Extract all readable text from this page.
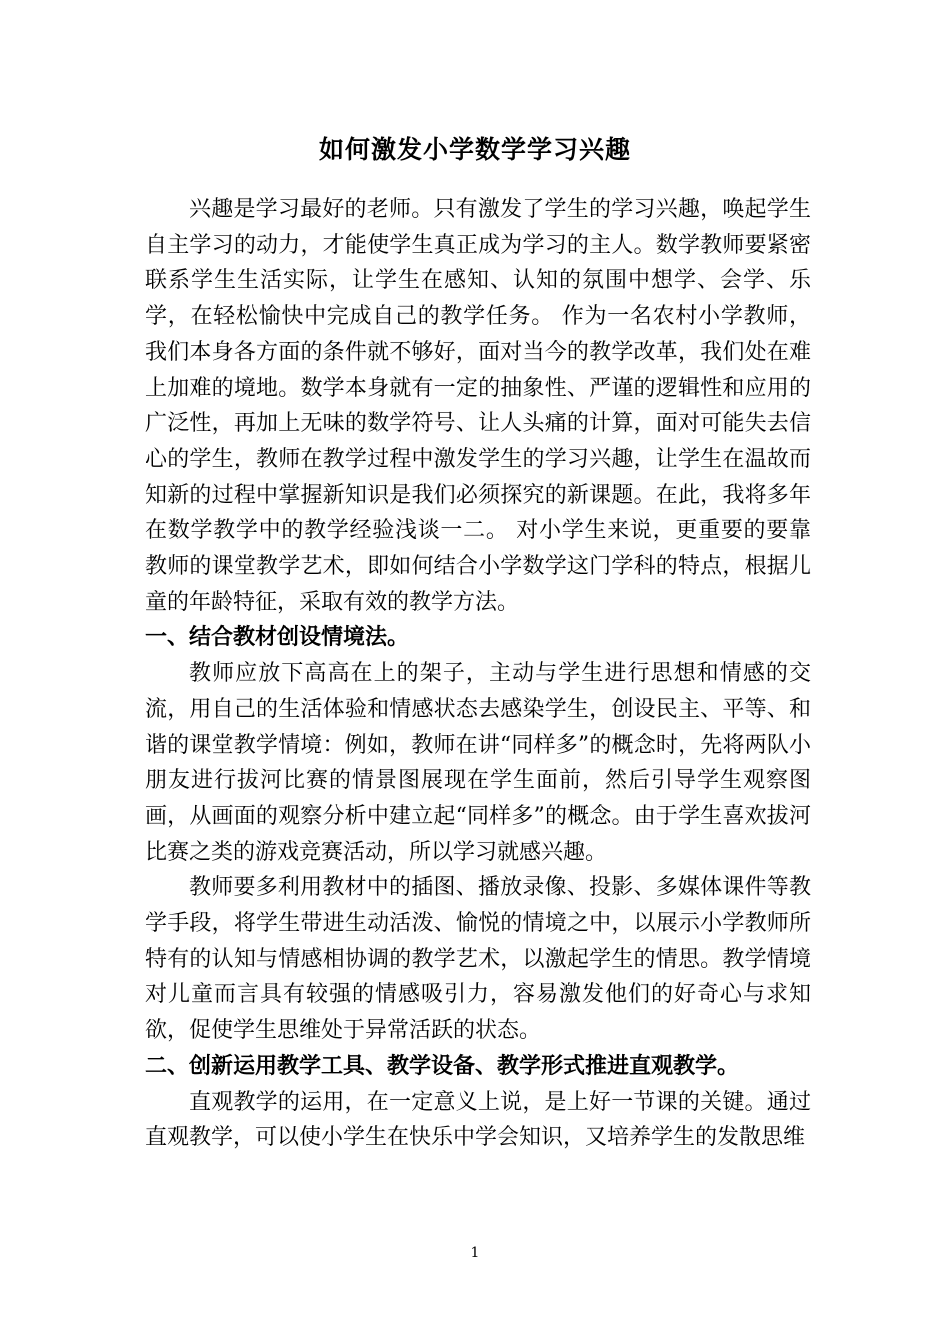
如何激发小学数学学习兴趣

兴趣是学习最好的老师。只有激发了学生的学习兴趣，唤起学生自主学习的动力，才能使学生真正成为学习的主人。数学教师要紧密联系学生生活实际，让学生在感知、认知的氛围中想学、会学、乐学，在轻松愉快中完成自己的教学任务。 作为一名农村小学教师，我们本身各方面的条件就不够好，面对当今的教学改革，我们处在难上加难的境地。数学本身就有一定的抽象性、严谨的逻辑性和应用的广泛性，再加上无味的数学符号、让人头痛的计算，面对可能失去信心的学生，教师在教学过程中激发学生的学习兴趣，让学生在温故而知新的过程中掌握新知识是我们必须探究的新课题。在此，我将多年在数学教学中的教学经验浅谈一二。 对小学生来说，更重要的要靠教师的课堂教学艺术，即如何结合小学数学这门学科的特点，根据儿童的年龄特征，采取有效的教学方法。

一、结合教材创设情境法。

教师应放下高高在上的架子，主动与学生进行思想和情感的交流，用自己的生活体验和情感状态去感染学生，创设民主、平等、和谐的课堂教学情境：例如，教师在讲“同样多”的概念时，先将两队小朋友进行拔河比赛的情景图展现在学生面前，然后引导学生观察图画，从画面的观察分析中建立起“同样多”的概念。由于学生喜欢拔河比赛之类的游戏竞赛活动，所以学习就感兴趣。

教师要多利用教材中的插图、播放录像、投影、多媒体课件等教学手段，将学生带进生动活泼、愉悦的情境之中，以展示小学教师所特有的认知与情感相协调的教学艺术，以激起学生的情思。教学情境对儿童而言具有较强的情感吸引力，容易激发他们的好奇心与求知欲，促使学生思维处于异常活跃的状态。

二、创新运用教学工具、教学设备、教学形式推进直观教学。

直观教学的运用，在一定意义上说，是上好一节课的关键。通过直观教学，可以使小学生在快乐中学会知识，又培养学生的发散思维

1
